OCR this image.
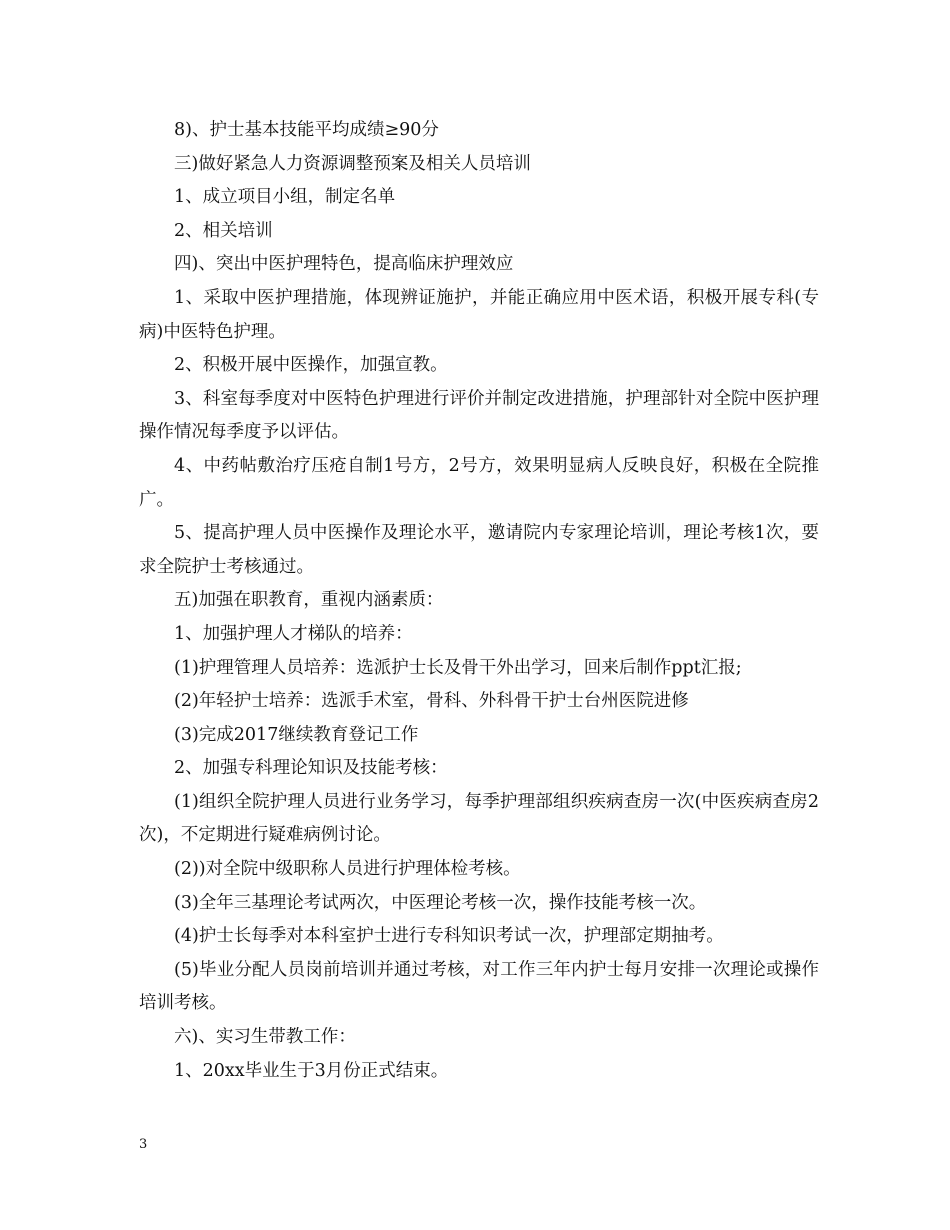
8)、护士基本技能平均成绩≥90分

三)做好紧急人力资源调整预案及相关人员培训

1、成立项目小组，制定名单

2、相关培训

四)、突出中医护理特色，提高临床护理效应

1、采取中医护理措施，体现辨证施护，并能正确应用中医术语，积极开展专科(专病)中医特色护理。

2、积极开展中医操作，加强宣教。

3、科室每季度对中医特色护理进行评价并制定改进措施，护理部针对全院中医护理操作情况每季度予以评估。

4、中药帖敷治疗压疮自制1号方，2号方，效果明显病人反映良好，积极在全院推广。

5、提高护理人员中医操作及理论水平，邀请院内专家理论培训，理论考核1次，要求全院护士考核通过。

五)加强在职教育，重视内涵素质：

1、加强护理人才梯队的培养：

(1)护理管理人员培养：选派护士长及骨干外出学习，回来后制作ppt汇报;

(2)年轻护士培养：选派手术室，骨科、外科骨干护士台州医院进修

(3)完成2017继续教育登记工作

2、加强专科理论知识及技能考核：

(1)组织全院护理人员进行业务学习，每季护理部组织疾病查房一次(中医疾病查房2次)，不定期进行疑难病例讨论。

(2))对全院中级职称人员进行护理体检考核。

(3)全年三基理论考试两次，中医理论考核一次，操作技能考核一次。

(4)护士长每季对本科室护士进行专科知识考试一次，护理部定期抽考。

(5)毕业分配人员岗前培训并通过考核，对工作三年内护士每月安排一次理论或操作培训考核。

六)、实习生带教工作：

1、20xx毕业生于3月份正式结束。

3
